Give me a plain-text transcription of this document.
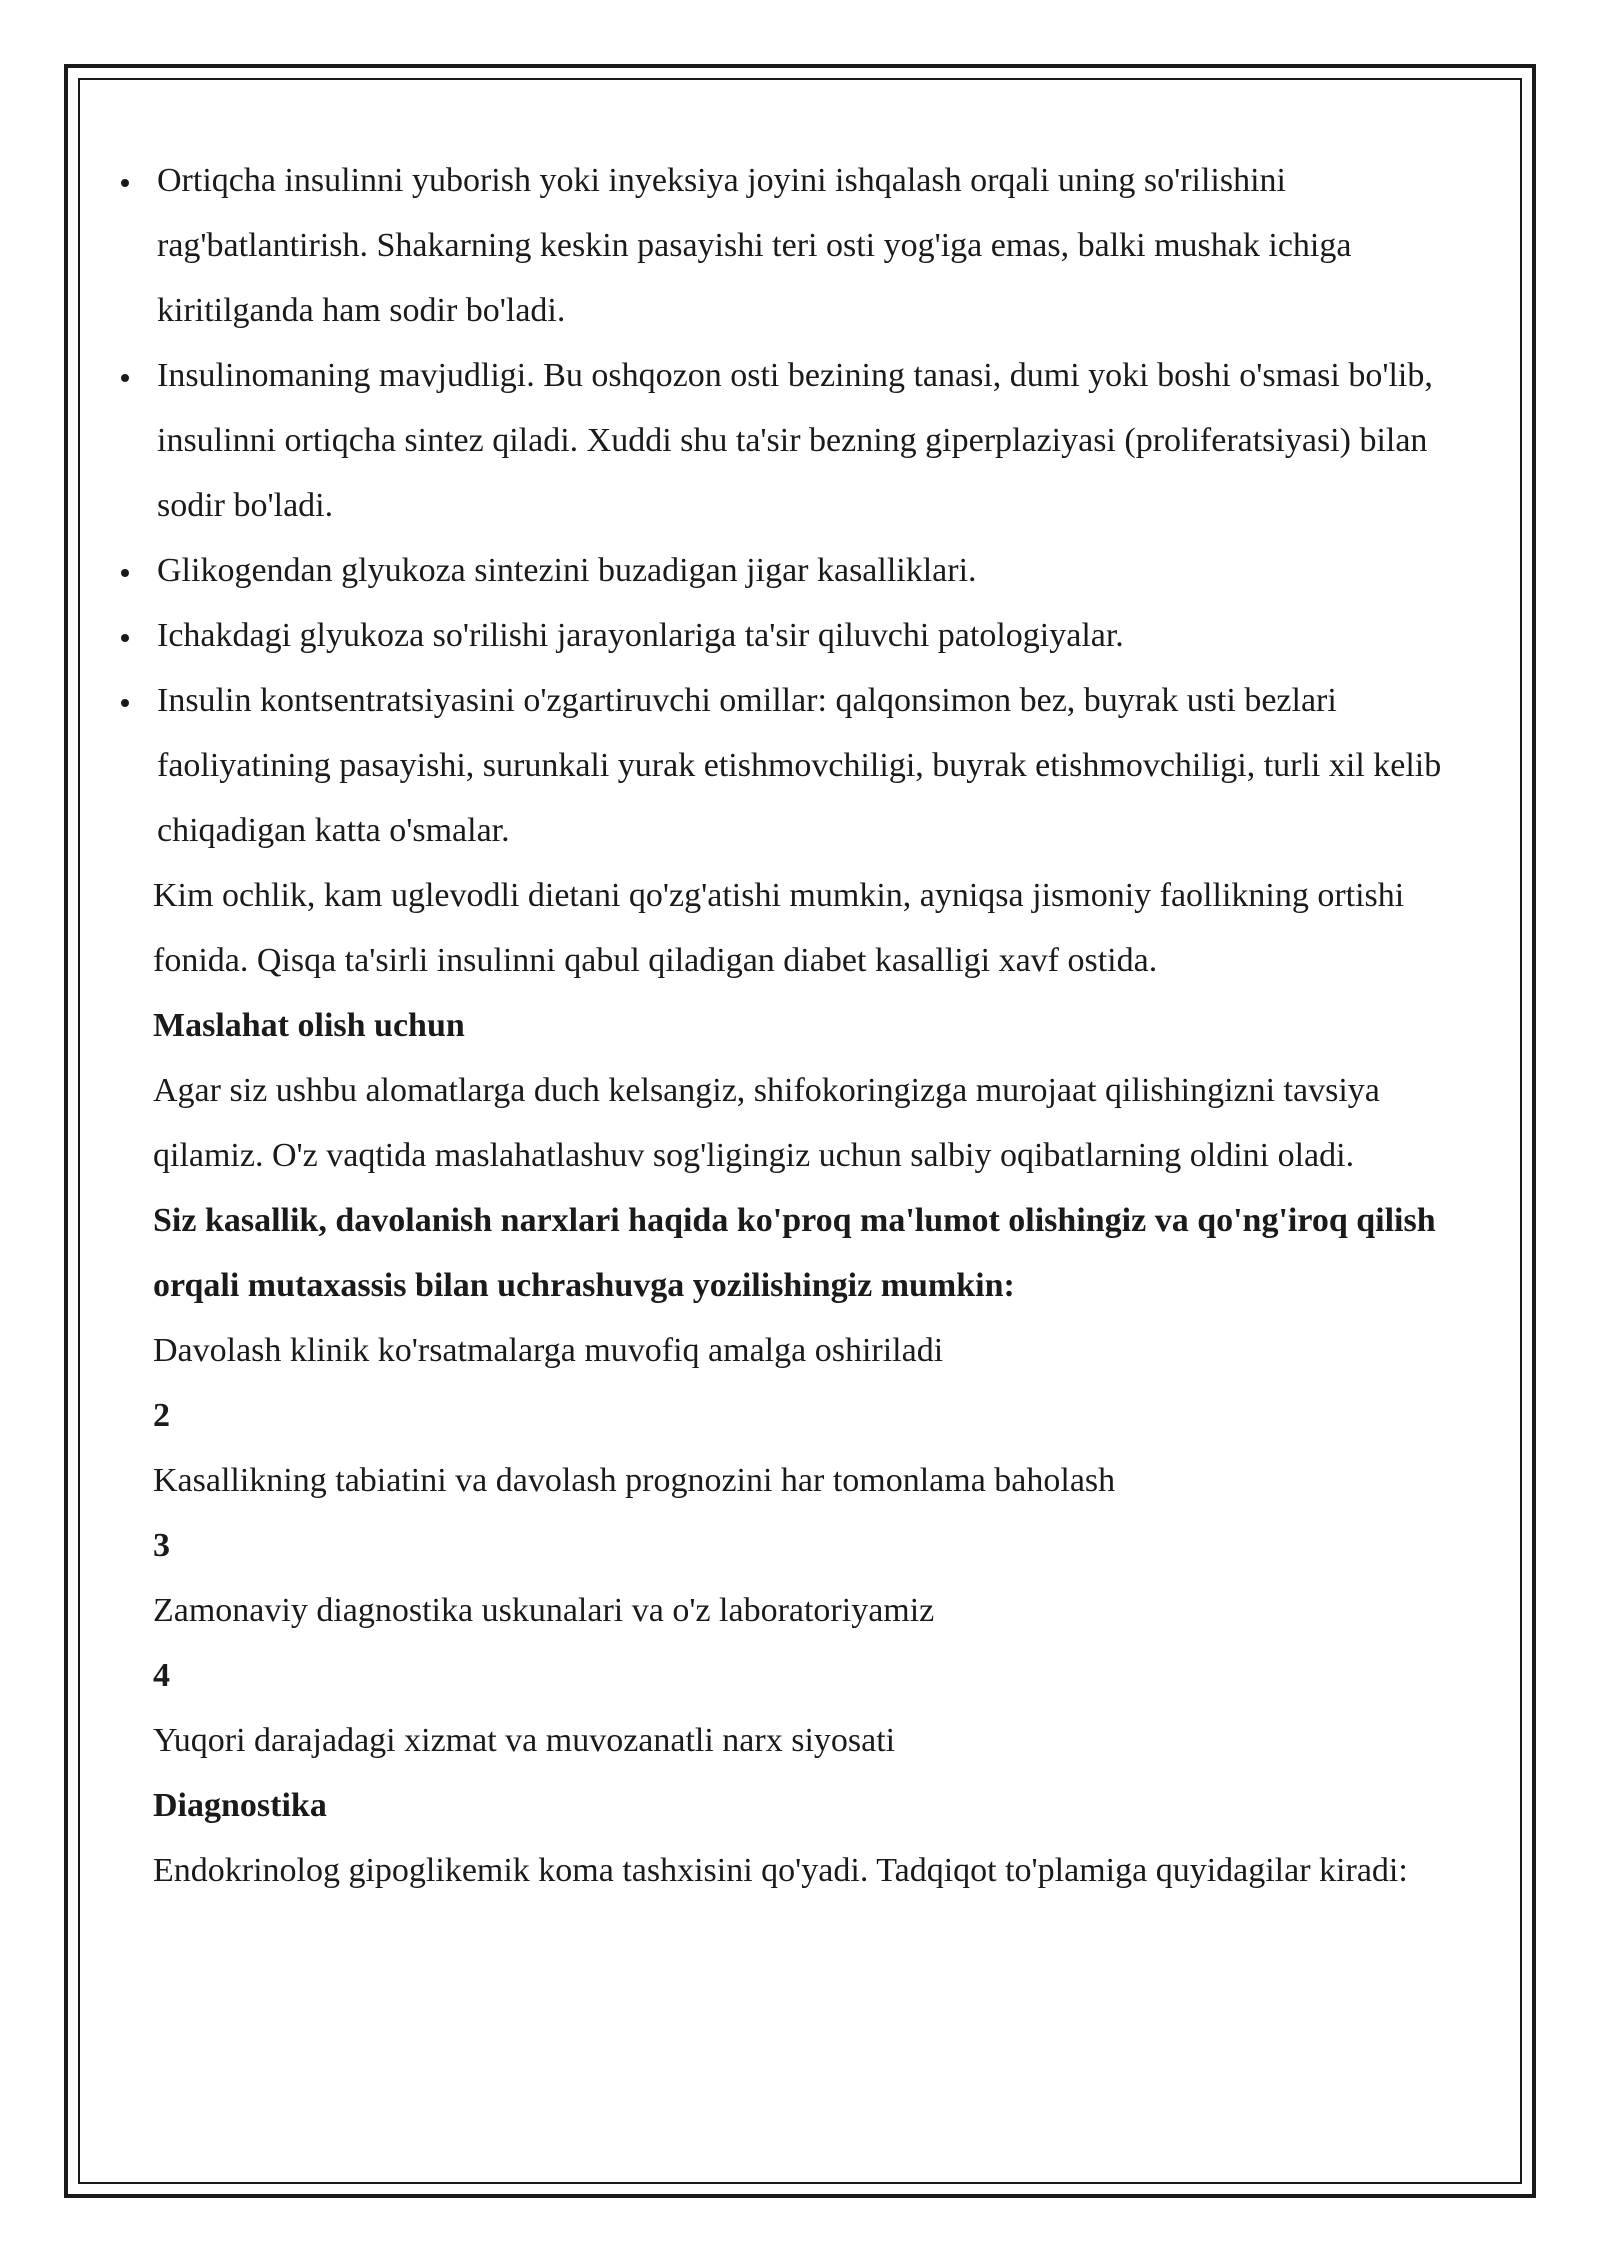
Ortiqcha insulinni yuborish yoki inyeksiya joyini ishqalash orqali uning so'rilishini rag'batlantirish. Shakarning keskin pasayishi teri osti yog'iga emas, balki mushak ichiga kiritilganda ham sodir bo'ladi.
Insulinomaning mavjudligi. Bu oshqozon osti bezining tanasi, dumi yoki boshi o'smasi bo'lib, insulinni ortiqcha sintez qiladi. Xuddi shu ta'sir bezning giperplaziyasi (proliferatsiyasi) bilan sodir bo'ladi.
Glikogendan glyukoza sintezini buzadigan jigar kasalliklari.
Ichakdagi glyukoza so'rilishi jarayonlariga ta'sir qiluvchi patologiyalar.
Insulin kontsentratsiyasini o'zgartiruvchi omillar: qalqonsimon bez, buyrak usti bezlari faoliyatining pasayishi, surunkali yurak etishmovchiligi, buyrak etishmovchiligi, turli xil kelib chiqadigan katta o'smalar.

Kim ochlik, kam uglevodli dietani qo'zg'atishi mumkin, ayniqsa jismoniy faollikning ortishi fonida. Qisqa ta'sirli insulinni qabul qiladigan diabet kasalligi xavf ostida.

Maslahat olish uchun

Agar siz ushbu alomatlarga duch kelsangiz, shifokoringizga murojaat qilishingizni tavsiya qilamiz. O'z vaqtida maslahatlashuv sog'ligingiz uchun salbiy oqibatlarning oldini oladi.

Siz kasallik, davolanish narxlari haqida ko'proq ma'lumot olishingiz va qo'ng'iroq qilish orqali mutaxassis bilan uchrashuvga yozilishingiz mumkin:

Davolash klinik ko'rsatmalarga muvofiq amalga oshiriladi

2

Kasallikning tabiatini va davolash prognozini har tomonlama baholash

3

Zamonaviy diagnostika uskunalari va o'z laboratoriyamiz

4

Yuqori darajadagi xizmat va muvozanatli narx siyosati

Diagnostika

Endokrinolog gipoglikemik koma tashxisini qo'yadi. Tadqiqot to'plamiga quyidagilar kiradi:
